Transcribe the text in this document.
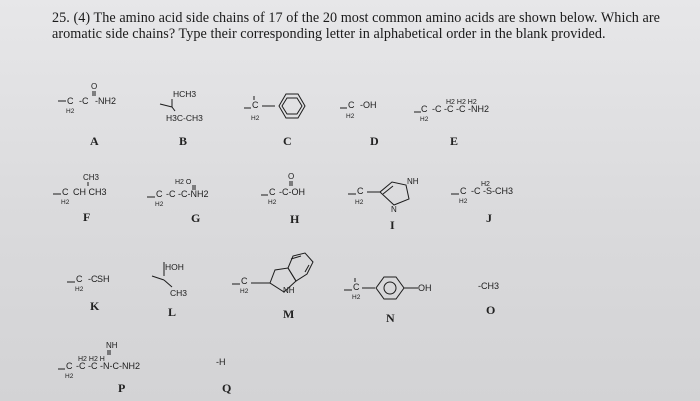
25. (4) The amino acid side chains of 17 of the 20 most common amino acids are shown below. Which are aromatic side chains? Type their corresponding letter in alphabetical order in the blank provided.
A	B	C	D	E
F	G	H	I	J
K	L	M	N
O
P	Q
C
H2
-C
O
-NH2
HCH3
H3C-CH3
C
H2
C
H2
-OH	H2 H2 H2
C
H2
-C -C -C -NH2
CH3
C
H2
CH CH3
H2 O
C
H2
-C -C-NH2
O
C
H2
-C-OH	C
H2
NH
N
H2
C
H2
-C -S-CH3
C
H2
-C SH
HOH
CH3
C
H2	NH	C
H2
OH	-CH3
NH
H2 H2 H
C
H2
-C -C -N-C-NH2	-H
